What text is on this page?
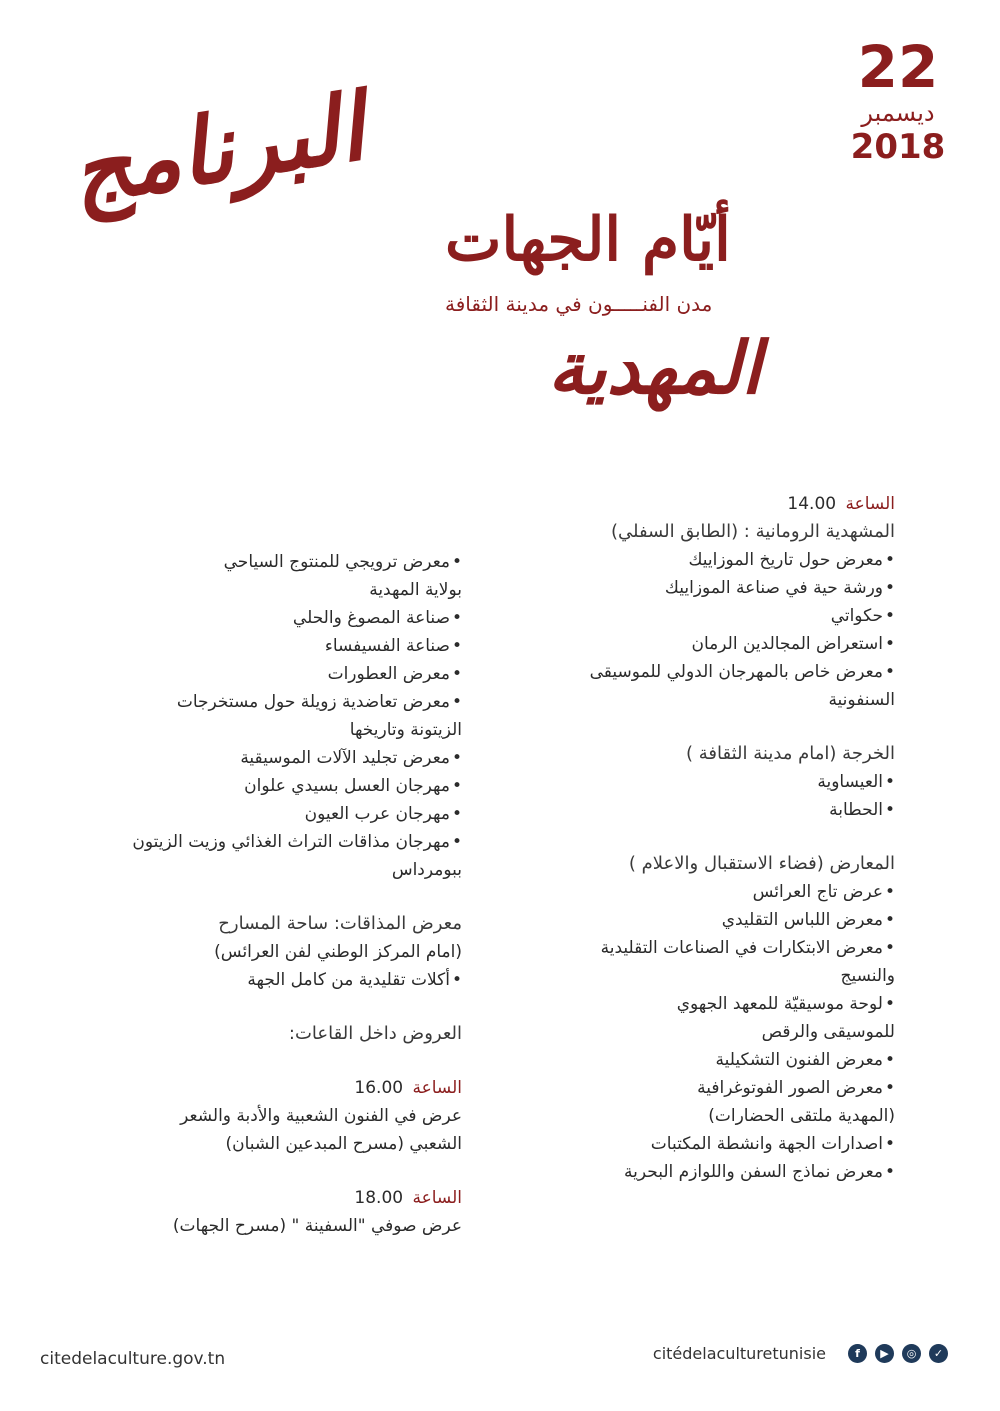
22
ديسمبر
2018
البرنامج
أيّام الجهات
مدن الفنـــــون في مدينة الثقافة
المهدية
الساعة 14.00
المشهدية الرومانية : (الطابق السفلي)
• معرض حول تاريخ الموزاييك
• ورشة حية في صناعة الموزاييك
• حكواتي
• استعراض المجالدين الرمان
• معرض خاص بالمهرجان الدولي للموسيقى
السنفونية
الخرجة (امام مدينة الثقافة )
• العيساوية
• الحطابة
المعارض (فضاء الاستقبال والاعلام )
• عرض تاج العرائس
• معرض اللباس التقليدي
• معرض الابتكارات في الصناعات التقليدية
والنسيج
• لوحة موسيقيّة للمعهد الجهوي
للموسيقى والرقص
• معرض الفنون التشكيلية
• معرض الصور الفوتوغرافية
(المهدية ملتقى الحضارات)
• اصدارات الجهة وانشطة المكتبات
• معرض نماذج السفن واللوازم البحرية
• معرض ترويجي للمنتوج السياحي
بولاية المهدية
• صناعة المصوغ والحلي
• صناعة الفسيفساء
• معرض العطورات
• معرض تعاضدية زويلة حول مستخرجات
الزيتونة وتاريخها
• معرض تجليد الآلات الموسيقية
• مهرجان العسل بسيدي علوان
• مهرجان عرب العيون
• مهرجان مذاقات التراث الغذائي وزيت الزيتون
ببومرداس
معرض المذاقات: ساحة المسارح
(امام المركز الوطني لفن العرائس)
• أكلات تقليدية من كامل الجهة
العروض داخل القاعات:
الساعة 16.00
عرض في الفنون الشعبية والأدبة والشعر
الشعبي (مسرح المبدعين الشبان)
الساعة 18.00
عرض صوفي "السفينة " (مسرح الجهات)
citedelaculture.gov.tn	citédelaculturetunisie	f	▶	◎	✓
